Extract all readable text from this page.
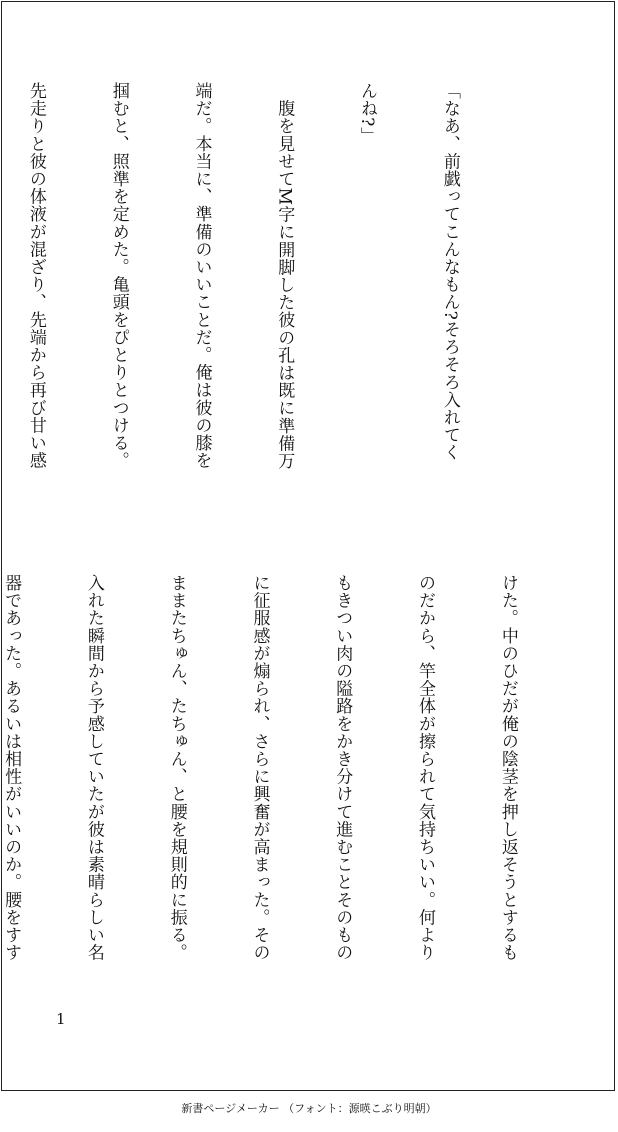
「なあ、前戯ってこんなもん?そろそろ入れてく

んね?」

　腹を見せてM字に開脚した彼の孔は既に準備万

端だ。本当に、準備のいいことだ。俺は彼の膝を

掴むと、照準を定めた。亀頭をぴとりとつける。

先走りと彼の体液が混ざり、先端から再び甘い感

けた。中のひだが俺の陰茎を押し返そうとするも

のだから、竿全体が擦られて気持ちいい。何より

もきつい肉の隘路をかき分けて進むことそのもの

に征服感が煽られ、さらに興奮が高まった。その

ままたちゅん、たちゅん、と腰を規則的に振る。

入れた瞬間から予感していたが彼は素晴らしい名

器であった。あるいは相性がいいのか。腰をすす

1
新書ページメーカー （フォント：源暎こぶり明朝）
